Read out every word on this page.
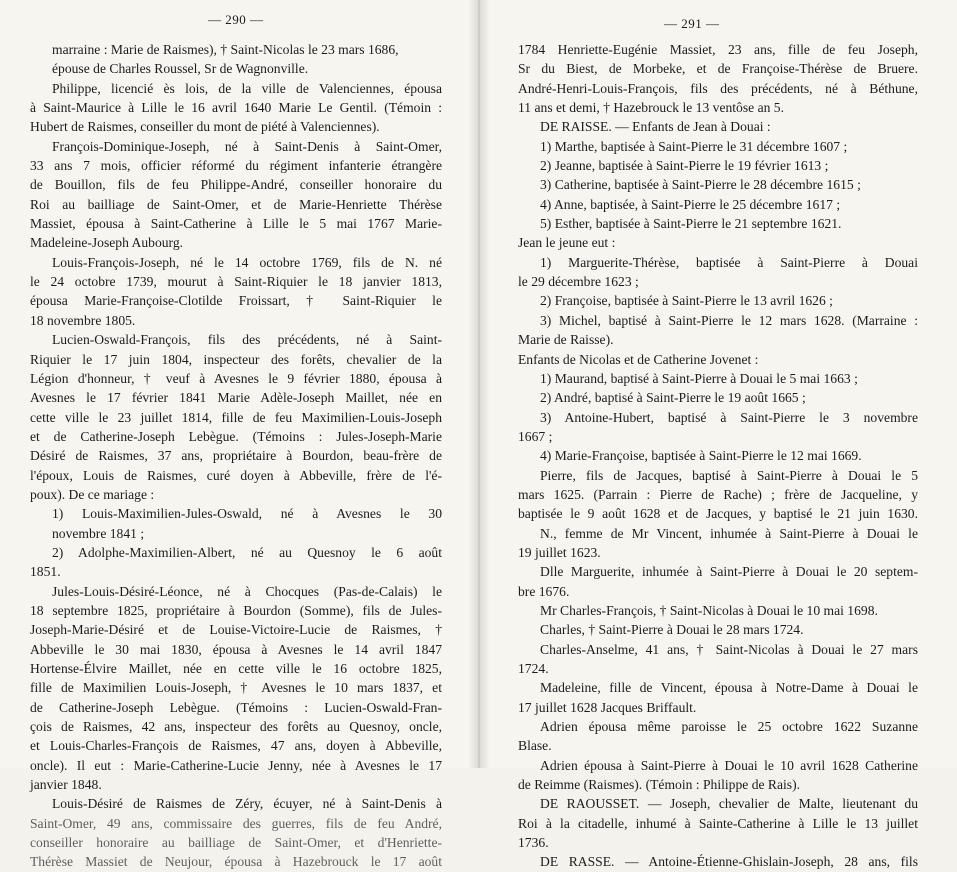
— 290 —
marraine : Marie de Raismes), † Saint-Nicolas le 23 mars 1686,
épouse de Charles Roussel, Sr de Wagnonville.
Philippe, licencié ès lois, de la ville de Valenciennes, épousa
à Saint-Maurice à Lille le 16 avril 1640 Marie Le Gentil. (Témoin :
Hubert de Raismes, conseiller du mont de piété à Valenciennes).
François-Dominique-Joseph, né à Saint-Denis à Saint-Omer,
33 ans 7 mois, officier réformé du régiment infanterie étrangère
de Bouillon, fils de feu Philippe-André, conseiller honoraire du
Roi au bailliage de Saint-Omer, et de Marie-Henriette Thérèse
Massiet, épousa à Saint-Catherine à Lille le 5 mai 1767 Marie-
Madeleine-Joseph Aubourg.
Louis-François-Joseph, né le 14 octobre 1769, fils de N. né
le 24 octobre 1739, mourut à Saint-Riquier le 18 janvier 1813,
épousa Marie-Françoise-Clotilde Froissart, † Saint-Riquier le
18 novembre 1805.
Lucien-Oswald-François, fils des précédents, né à Saint-
Riquier le 17 juin 1804, inspecteur des forêts, chevalier de la
Légion d'honneur, † veuf à Avesnes le 9 février 1880, épousa à
Avesnes le 17 février 1841 Marie Adèle-Joseph Maillet, née en
cette ville le 23 juillet 1814, fille de feu Maximilien-Louis-Joseph
et de Catherine-Joseph Lebègue. (Témoins : Jules-Joseph-Marie
Désiré de Raismes, 37 ans, propriétaire à Bourdon, beau-frère de
l'époux, Louis de Raismes, curé doyen à Abbeville, frère de l'é-
poux). De ce mariage :
1) Louis-Maximilien-Jules-Oswald, né à Avesnes le 30
novembre 1841 ;
2) Adolphe-Maximilien-Albert, né au Quesnoy le 6 août
1851.
Jules-Louis-Désiré-Léonce, né à Chocques (Pas-de-Calais) le
18 septembre 1825, propriétaire à Bourdon (Somme), fils de Jules-
Joseph-Marie-Désiré et de Louise-Victoire-Lucie de Raismes, †
Abbeville le 30 mai 1830, épousa à Avesnes le 14 avril 1847
Hortense-Élvire Maillet, née en cette ville le 16 octobre 1825,
fille de Maximilien Louis-Joseph, † Avesnes le 10 mars 1837, et
de Catherine-Joseph Lebègue. (Témoins : Lucien-Oswald-Fran-
çois de Raismes, 42 ans, inspecteur des forêts au Quesnoy, oncle,
et Louis-Charles-François de Raismes, 47 ans, doyen à Abbeville,
oncle). Il eut : Marie-Catherine-Lucie Jenny, née à Avesnes le 17
janvier 1848.
Louis-Désiré de Raismes de Zéry, écuyer, né à Saint-Denis à
Saint-Omer, 49 ans, commissaire des guerres, fils de feu André,
conseiller honoraire au bailliage de Saint-Omer, et d'Henriette-
Thérèse Massiet de Neujour, épousa à Hazebrouck le 17 août
— 291 —
1784 Henriette-Eugénie Massiet, 23 ans, fille de feu Joseph,
Sr du Biest, de Morbeke, et de Françoise-Thérèse de Bruere.
André-Henri-Louis-François, fils des précédents, né à Béthune,
11 ans et demi, † Hazebrouck le 13 ventôse an 5.
DE RAISSE. — Enfants de Jean à Douai :
1) Marthe, baptisée à Saint-Pierre le 31 décembre 1607 ;
2) Jeanne, baptisée à Saint-Pierre le 19 février 1613 ;
3) Catherine, baptisée à Saint-Pierre le 28 décembre 1615 ;
4) Anne, baptisée, à Saint-Pierre le 25 décembre 1617 ;
5) Esther, baptisée à Saint-Pierre le 21 septembre 1621.
Jean le jeune eut :
1) Marguerite-Thérèse, baptisée à Saint-Pierre à Douai
le 29 décembre 1623 ;
2) Françoise, baptisée à Saint-Pierre le 13 avril 1626 ;
3) Michel, baptisé à Saint-Pierre le 12 mars 1628. (Marraine :
Marie de Raisse).
Enfants de Nicolas et de Catherine Jovenet :
1) Maurand, baptisé à Saint-Pierre à Douai le 5 mai 1663 ;
2) André, baptisé à Saint-Pierre le 19 août 1665 ;
3) Antoine-Hubert, baptisé à Saint-Pierre le 3 novembre
1667 ;
4) Marie-Françoise, baptisée à Saint-Pierre le 12 mai 1669.
Pierre, fils de Jacques, baptisé à Saint-Pierre à Douai le 5
mars 1625. (Parrain : Pierre de Rache) ; frère de Jacqueline, y
baptisée le 9 août 1628 et de Jacques, y baptisé le 21 juin 1630.
N., femme de Mr Vincent, inhumée à Saint-Pierre à Douai le
19 juillet 1623.
Dlle Marguerite, inhumée à Saint-Pierre à Douai le 20 septem-
bre 1676.
Mr Charles-François, † Saint-Nicolas à Douai le 10 mai 1698.
Charles, † Saint-Pierre à Douai le 28 mars 1724.
Charles-Anselme, 41 ans, † Saint-Nicolas à Douai le 27 mars
1724.
Madeleine, fille de Vincent, épousa à Notre-Dame à Douai le
17 juillet 1628 Jacques Briffault.
Adrien épousa même paroisse le 25 octobre 1622 Suzanne
Blase.
Adrien épousa à Saint-Pierre à Douai le 10 avril 1628 Catherine
de Reimme (Raismes). (Témoin : Philippe de Rais).
DE RAOUSSET. — Joseph, chevalier de Malte, lieutenant du
Roi à la citadelle, inhumé à Sainte-Catherine à Lille le 13 juillet
1736.
DE RASSE. — Antoine-Étienne-Ghislain-Joseph, 28 ans, fils
